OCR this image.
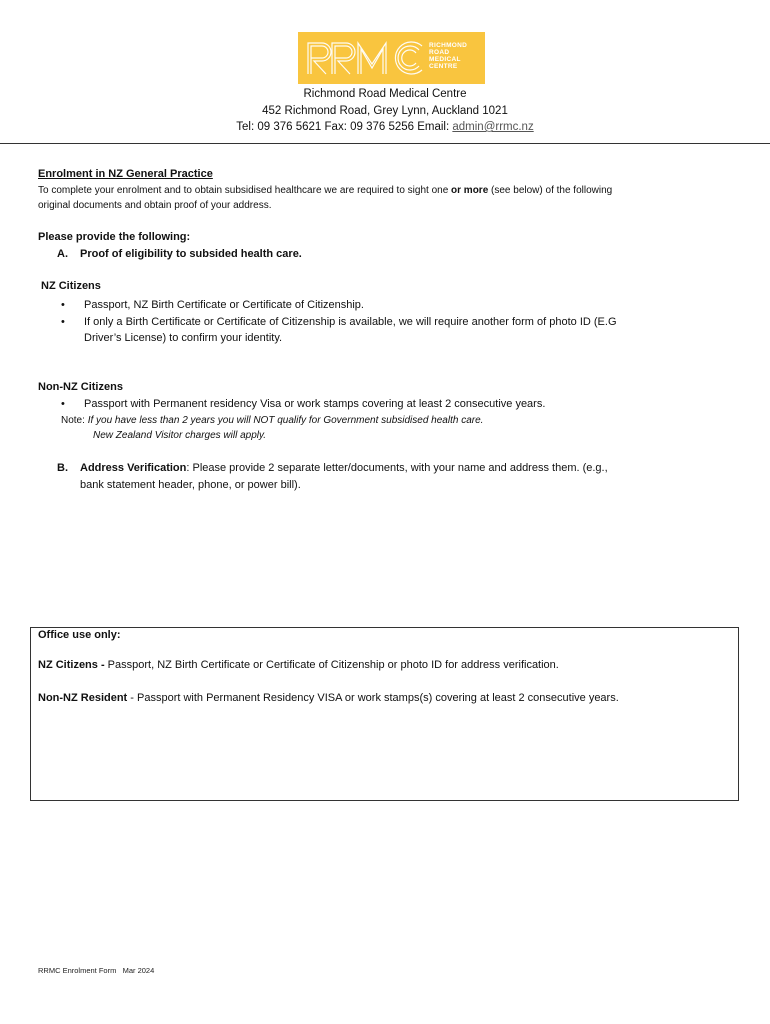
RICHMOND
ROAD
MEDICAL
CENTRE
Richmond Road Medical Centre
452 Richmond Road, Grey Lynn, Auckland 1021
Tel: 09 376 5621 Fax: 09 376 5256 Email: admin@rrmc.nz
Enrolment in NZ General Practice
To complete your enrolment and to obtain subsidised healthcare we are required to sight one or more (see below) of the following
original documents and obtain proof of your address.
Please provide the following:
A. Proof of eligibility to subsided health care.
NZ Citizens
• Passport, NZ Birth Certificate or Certificate of Citizenship.
• If only a Birth Certificate or Certificate of Citizenship is available, we will require another form of photo ID (E.G
Driver’s License) to confirm your identity.
Non-NZ Citizens
• Passport with Permanent residency Visa or work stamps covering at least 2 consecutive years.
Note: If you have less than 2 years you will NOT qualify for Government subsidised health care.
New Zealand Visitor charges will apply.
B. Address Verification: Please provide 2 separate letter/documents, with your name and address them. (e.g.,
bank statement header, phone, or power bill).
Office use only:
NZ Citizens - Passport, NZ Birth Certificate or Certificate of Citizenship or photo ID for address verification.
Non-NZ Resident - Passport with Permanent Residency VISA or work stamps(s) covering at least 2 consecutive years.
RRMC Enrolment Form   Mar 2024
